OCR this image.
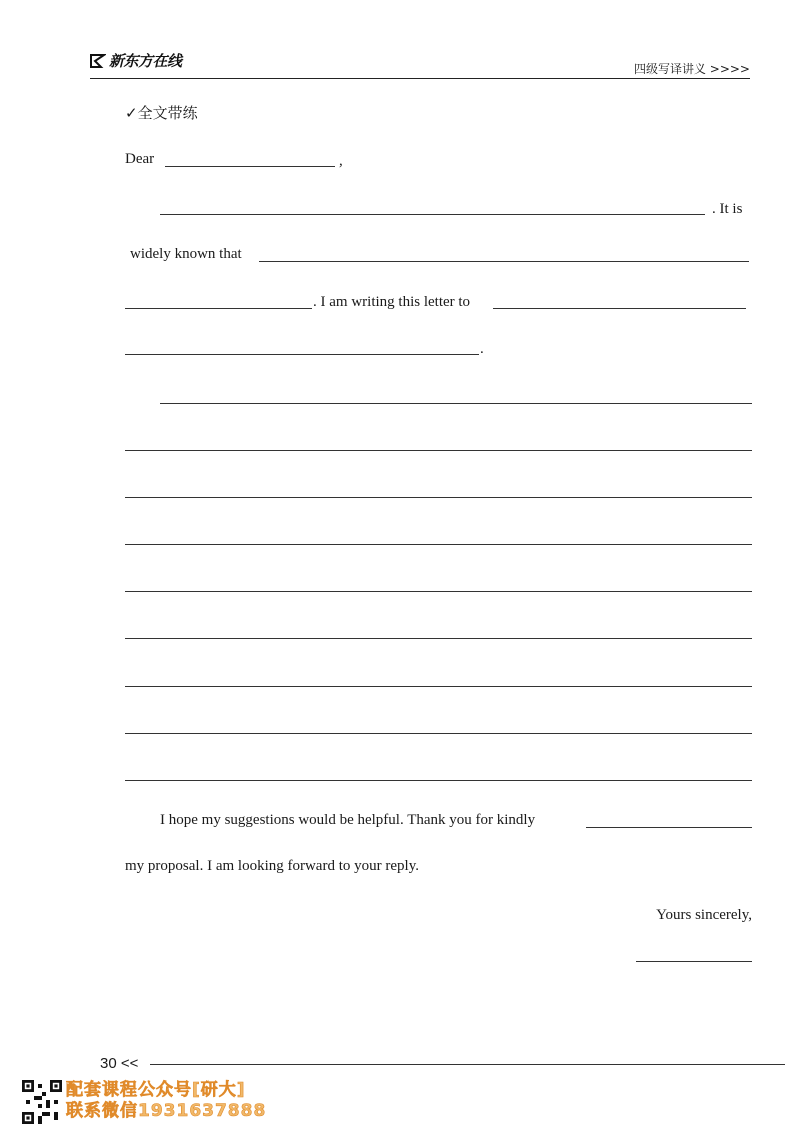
新东方在线	四级写译讲义 >>>>
✓全文带练
Dear	,
. It is
widely known that
. I am writing this letter to
.
I hope my suggestions would be helpful. Thank you for kindly
my proposal. I am looking forward to your reply.
Yours sincerely,
30 <<
配套课程公众号[研大]
联系微信1931637888
